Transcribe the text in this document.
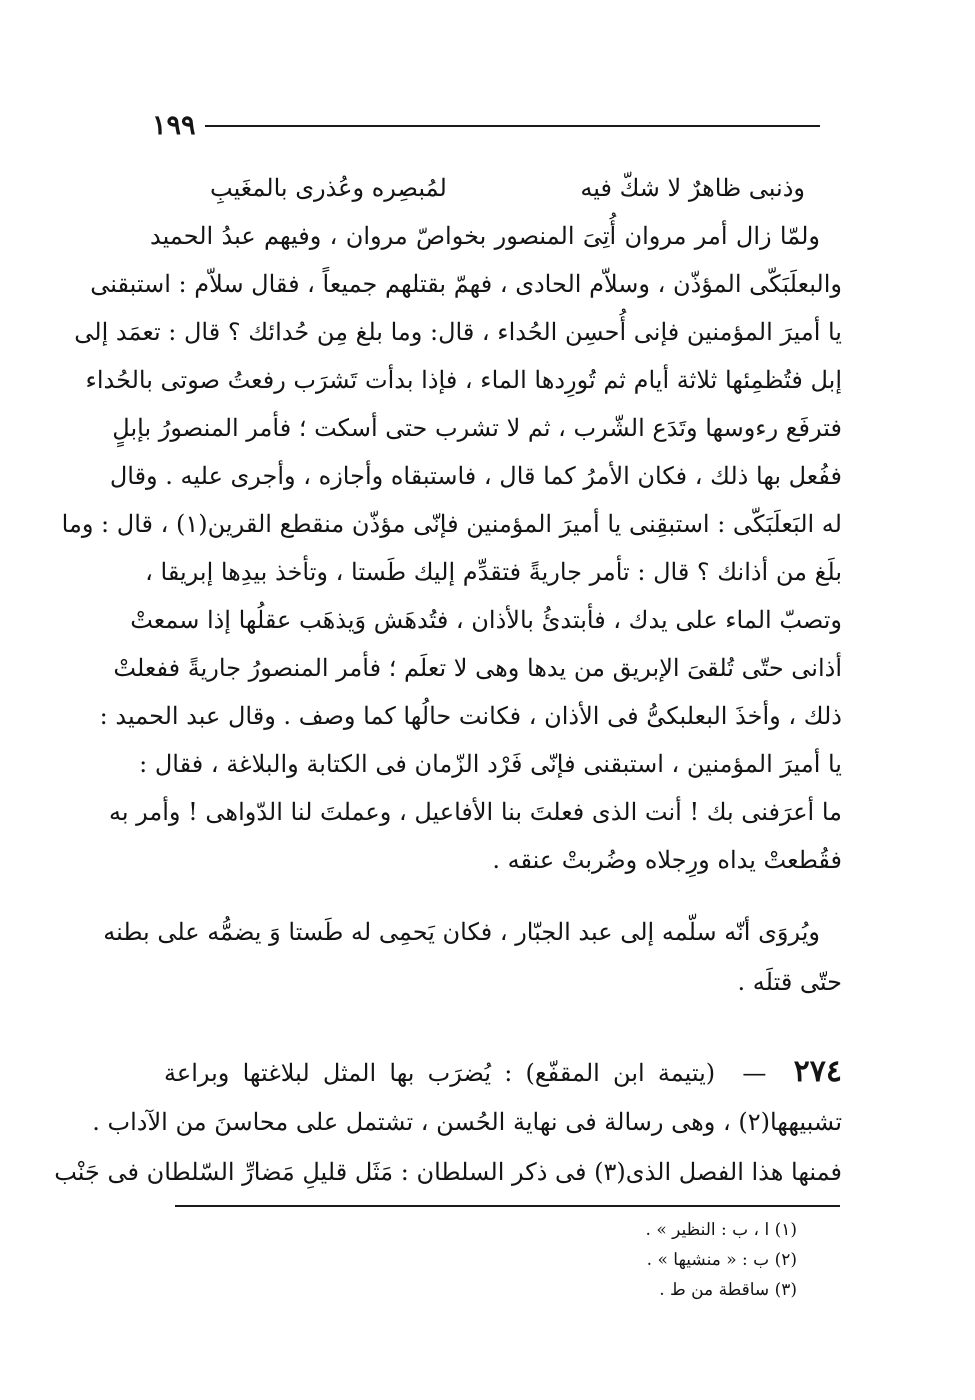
١٩٩
وذنبى ظاهرٌ لا شكّ فيه
لمُبصِره وعُذرى بالمغَيبِ
ولمّا زال أمر مروان أُتِىَ المنصور بخواصّ مروان ، وفيهم عبدُ الحميد
والبعلَبَكّى المؤذّن ، وسلاّم الحادى ، فهمّ بقتلهم جميعاً ، فقال سلاّم : استبقنى
يا أميرَ المؤمنين فإنى أُحسِن الحُداء ، قال: وما بلغ مِن حُدائك ؟ قال : تعمَد إلى
إبل فتُظمِئها ثلاثة أيام ثم تُورِدها الماء ، فإذا بدأت تَشرَب رفعتُ صوتى بالحُداء
فترفَع رءوسها وتَدَع الشّرب ، ثم لا تشرب حتى أسكت ؛ فأمر المنصورُ بإبلٍ
ففُعل بها ذلك ، فكان الأمرُ كما قال ، فاستبقاه وأجازه ، وأجرى عليه . وقال
له البَعلَبَكّى : استبقِنى يا أميرَ المؤمنين فإنّى مؤذّن منقطع القرين(١) ، قال : وما
بلَغ من أذانك ؟ قال : تأمر جاريةً فتقدِّم إليك طَستا ، وتأخذ بيدِها إبريقا ،
وتصبّ الماء على يدك ، فأبتدئُ بالأذان ، فتُدهَش وَيذهَب عقلُها إذا سمعتْ
أذانى حتّى تُلقىَ الإبريق من يدها وهى لا تعلَم ؛ فأمر المنصورُ جاريةً ففعلتْ
ذلك ، وأخذَ البعلبكىُّ فى الأذان ، فكانت حالُها كما وصف . وقال عبد الحميد :
يا أميرَ المؤمنين ، استبقنى فإنّى فَرْد الزّمان فى الكتابة والبلاغة ، فقال :
ما أعرَفنى بك ! أنت الذى فعلتَ بنا الأفاعيل ، وعملتَ لنا الدّواهى ! وأمر به
فقُطعتْ يداه ورِجلاه وضُربتْ عنقه .
ويُروَى أنّه سلّمه إلى عبد الجبّار ، فكان يَحمِى له طَستا وَ يضمُّه على بطنه
حتّى قتلَه .
٢٧٤ — (يتيمة ابن المقفّع) : يُضرَب بها المثل لبلاغتها وبراعة
تشبيهها(٢) ، وهى رسالة فى نهاية الحُسن ، تشتمل على محاسنَ من الآداب .
فمنها هذا الفصل الذى(٣) فى ذكر السلطان : مَثَل قليلِ مَضارِّ السّلطان فى جَنْب
(١) ا ، ب : النظير » .
(٢) ب : « منشيها » .
(٣) ساقطة من ط .
